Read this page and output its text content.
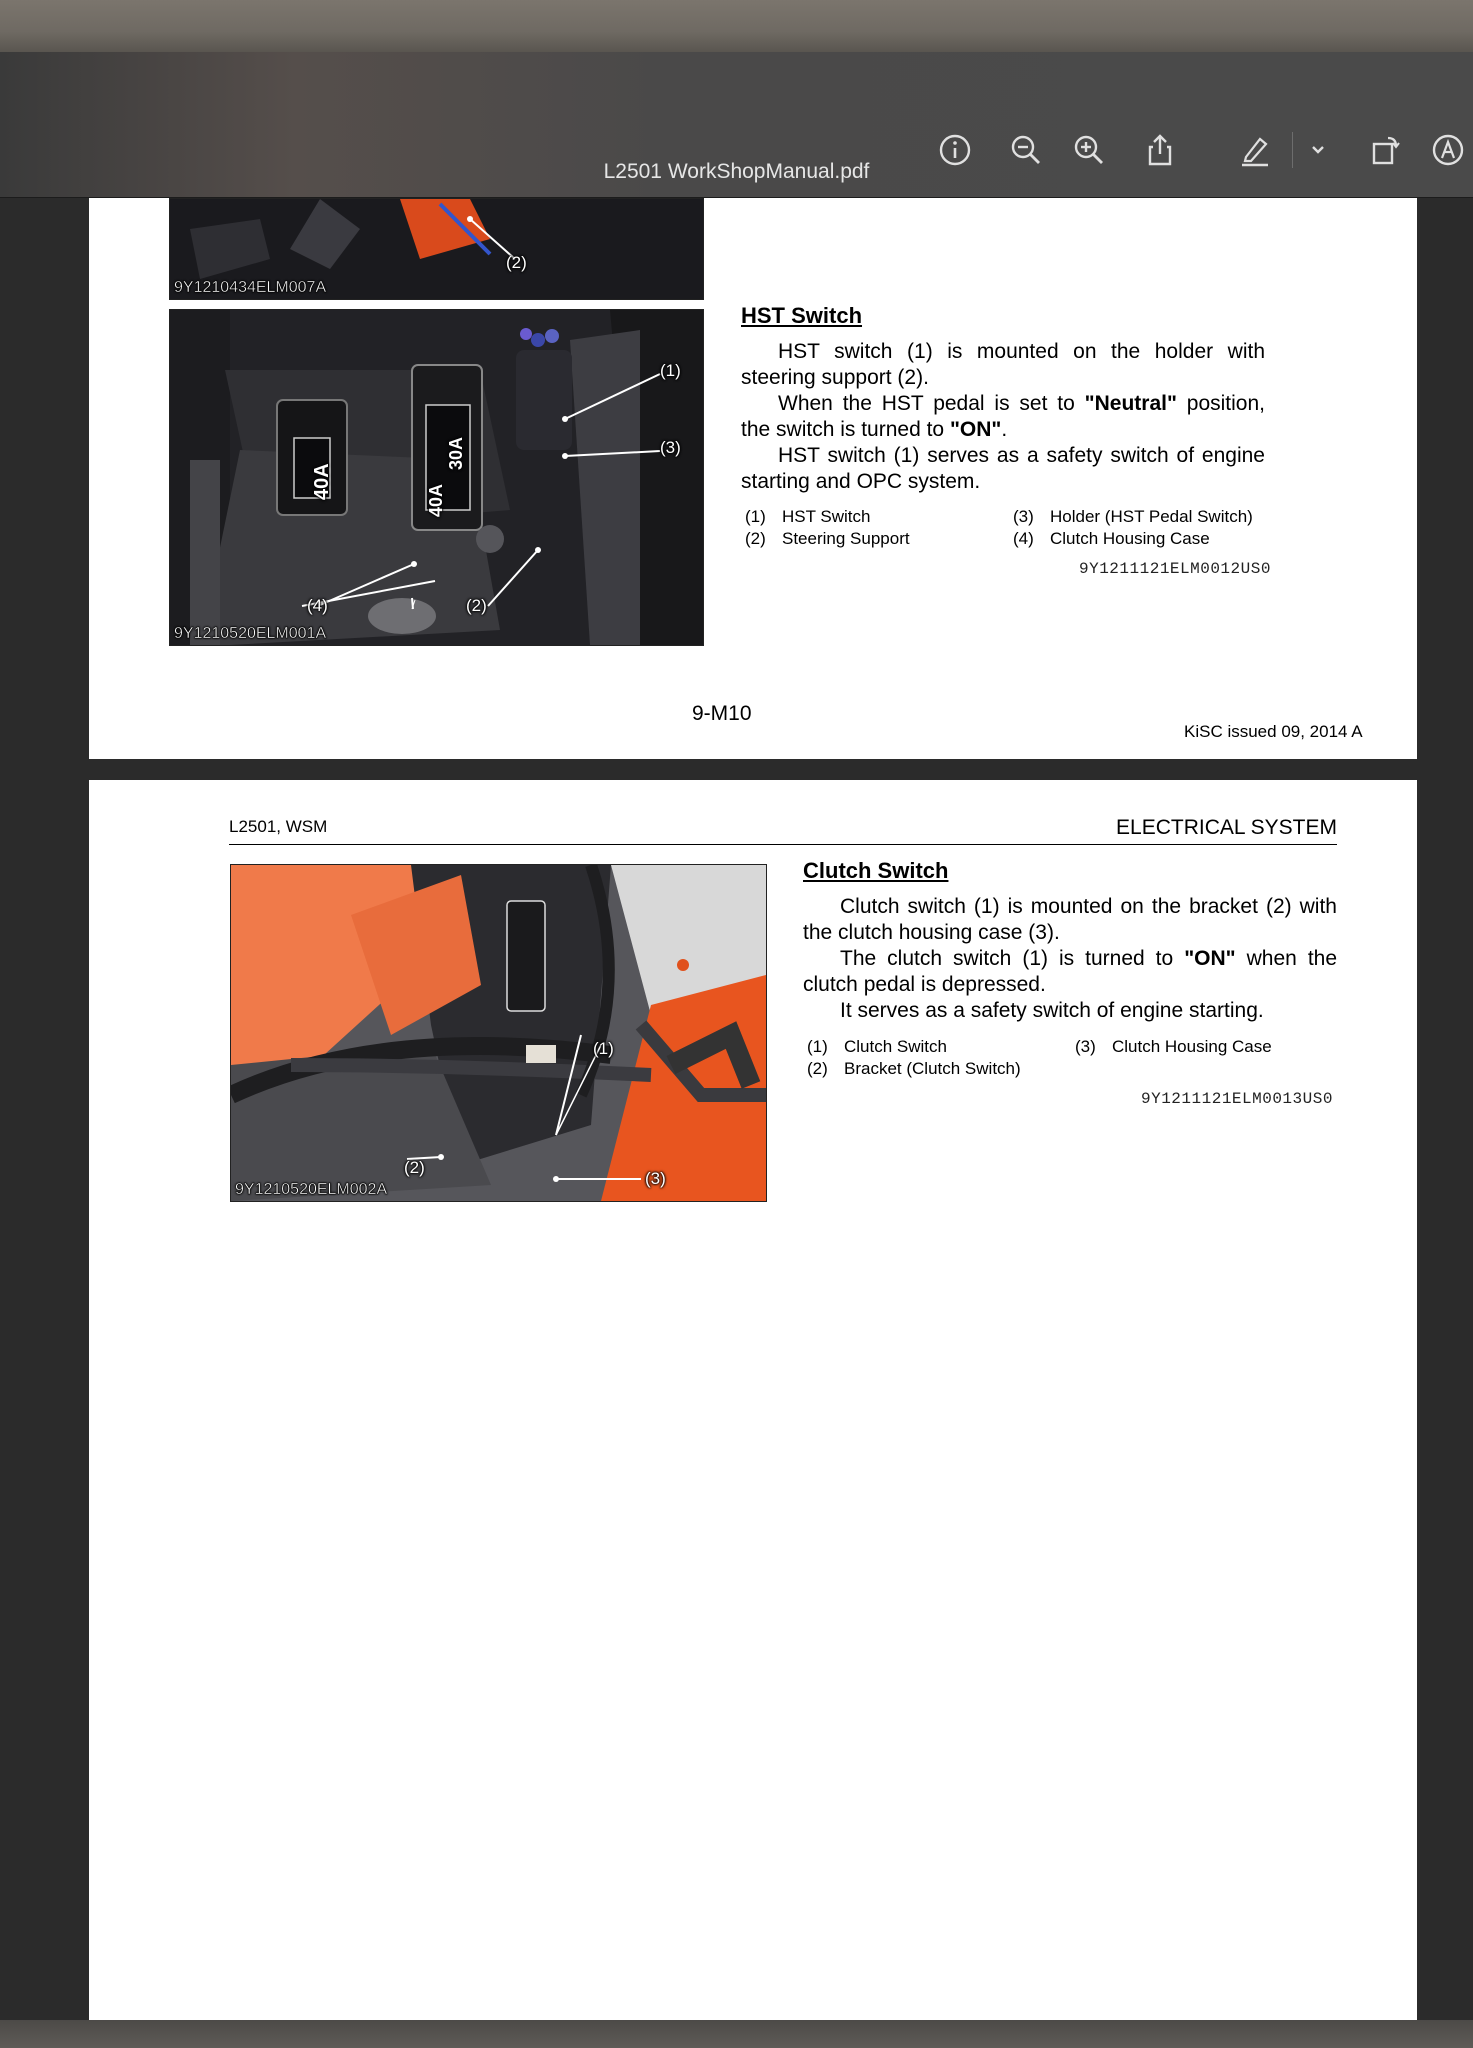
L2501 WorkShopManual.pdf
(2)
9Y1210434ELM007A
40A
30A
40A
(1)
(3)
(4)	(2)
9Y1210520ELM001A
HST Switch

HST switch (1) is mounted on the holder with steering support (2).

When the HST pedal is set to "Neutral" position, the switch is turned to "ON".

HST switch (1) serves as a safety switch of engine starting and OPC system.

(1) HST Switch
(2) Steering Support
(3) Holder (HST Pedal Switch)
(4) Clutch Housing Case
9Y1211121ELM0012US0
9-M10
KiSC issued 09, 2014 A
L2501, WSM	ELECTRICAL SYSTEM
(1)
(2)
(3)
9Y1210520ELM002A
Clutch Switch

Clutch switch (1) is mounted on the bracket (2) with the clutch housing case (3).

The clutch switch (1) is turned to "ON" when the clutch pedal is depressed.

It serves as a safety switch of engine starting.

(1) Clutch Switch
(2) Bracket (Clutch Switch)
(3) Clutch Housing Case
9Y1211121ELM0013US0
